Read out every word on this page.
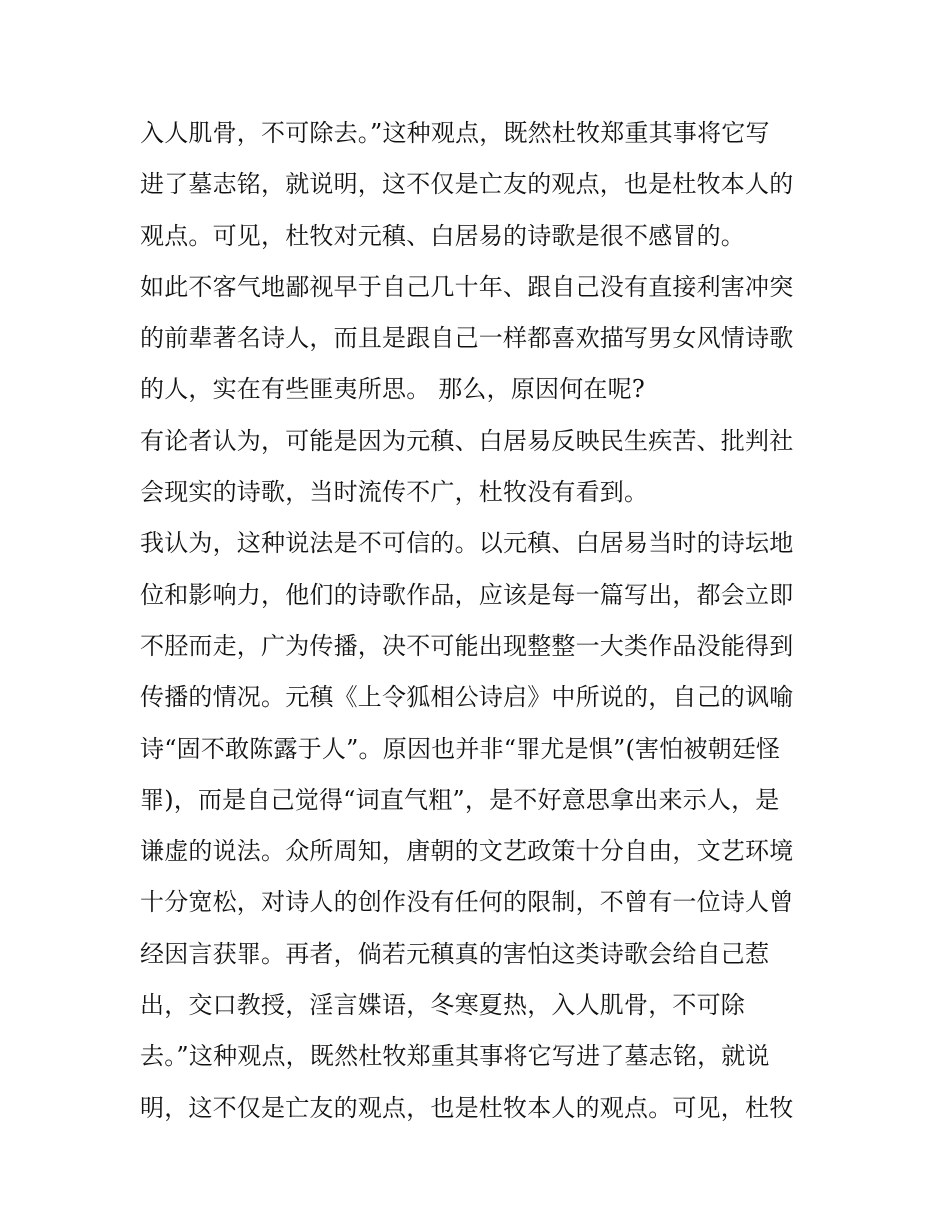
入人肌骨，不可除去。”这种观点，既然杜牧郑重其事将它写
进了墓志铭，就说明，这不仅是亡友的观点，也是杜牧本人的
观点。可见，杜牧对元稹、白居易的诗歌是很不感冒的。
如此不客气地鄙视早于自己几十年、跟自己没有直接利害冲突
的前辈著名诗人，而且是跟自己一样都喜欢描写男女风情诗歌
的人，实在有些匪夷所思。 那么，原因何在呢?
有论者认为，可能是因为元稹、白居易反映民生疾苦、批判社
会现实的诗歌，当时流传不广，杜牧没有看到。
我认为，这种说法是不可信的。以元稹、白居易当时的诗坛地
位和影响力，他们的诗歌作品，应该是每一篇写出，都会立即
不胫而走，广为传播，决不可能出现整整一大类作品没能得到
传播的情况。元稹《上令狐相公诗启》中所说的，自己的讽喻
诗“固不敢陈露于人”。原因也并非“罪尤是惧”(害怕被朝廷怪
罪)，而是自己觉得“词直气粗”，是不好意思拿出来示人，是
谦虚的说法。众所周知，唐朝的文艺政策十分自由，文艺环境
十分宽松，对诗人的创作没有任何的限制，不曾有一位诗人曾
经因言获罪。再者，倘若元稹真的害怕这类诗歌会给自己惹
出，交口教授，淫言媟语，冬寒夏热，入人肌骨，不可除
去。”这种观点，既然杜牧郑重其事将它写进了墓志铭，就说
明，这不仅是亡友的观点，也是杜牧本人的观点。可见，杜牧
